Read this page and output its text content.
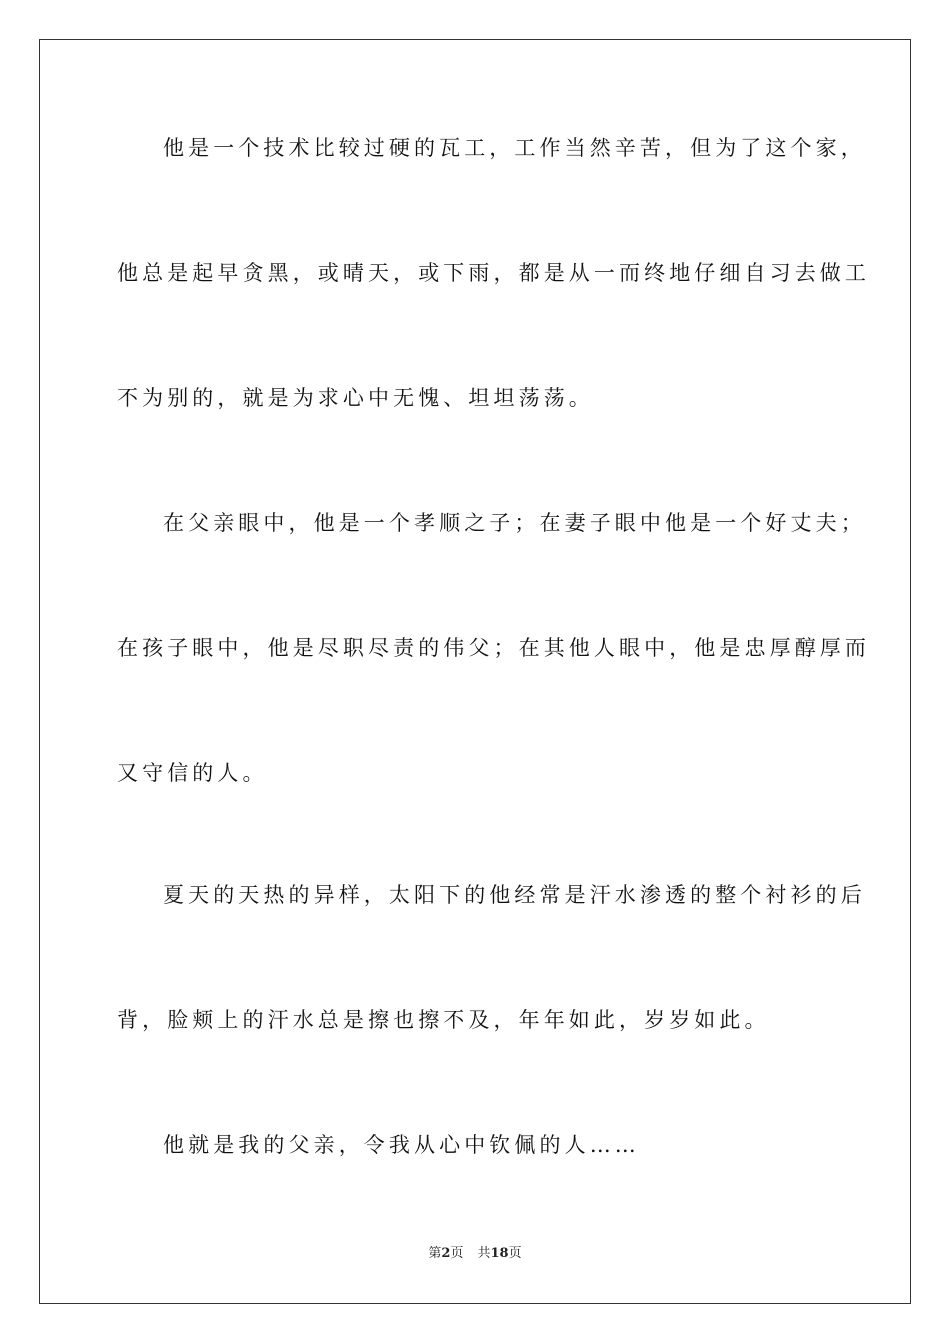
他是一个技术比较过硬的瓦工，工作当然辛苦，但为了这个家，

他总是起早贪黑，或晴天，或下雨，都是从一而终地仔细自习去做工

不为别的，就是为求心中无愧、坦坦荡荡。

在父亲眼中，他是一个孝顺之子；在妻子眼中他是一个好丈夫；

在孩子眼中，他是尽职尽责的伟父；在其他人眼中，他是忠厚醇厚而

又守信的人。

夏天的天热的异样，太阳下的他经常是汗水渗透的整个衬衫的后

背，脸颊上的汗水总是擦也擦不及，年年如此，岁岁如此。

他就是我的父亲，令我从心中钦佩的人……

第2页 共18页
